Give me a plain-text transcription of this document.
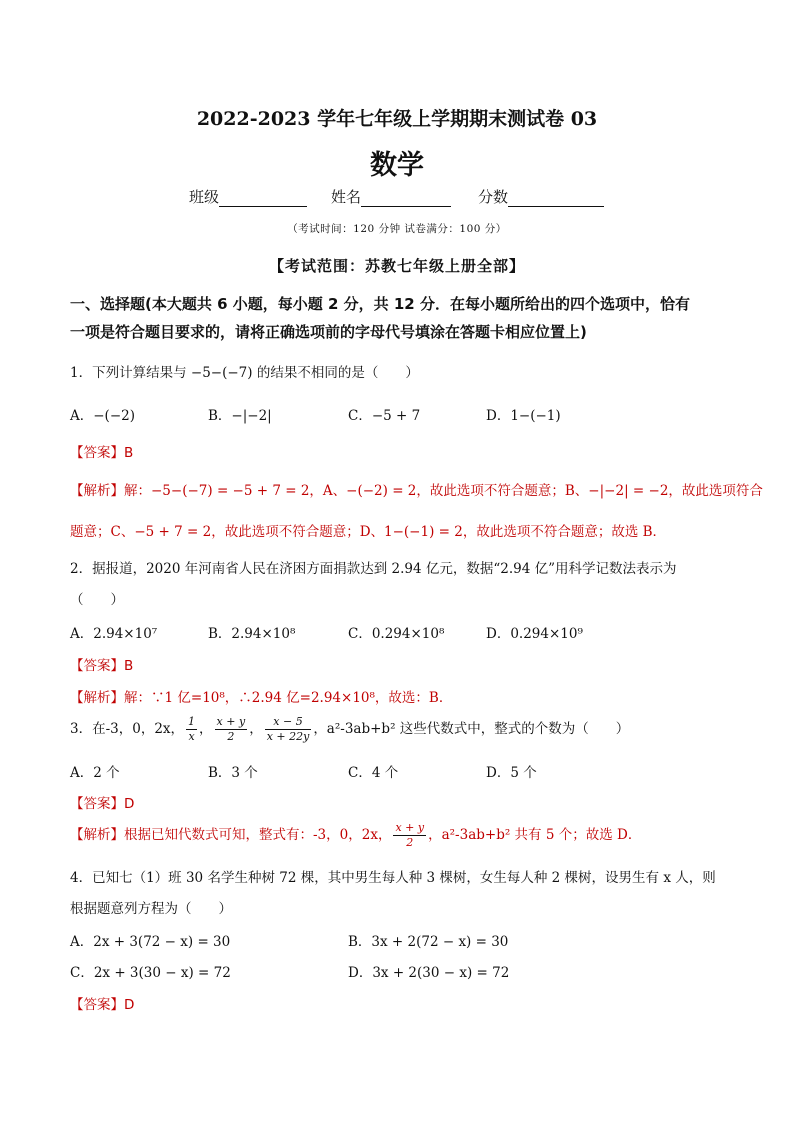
2022-2023 学年七年级上学期期末测试卷 03
数学
班级	姓名	分数
（考试时间：120 分钟 试卷满分：100 分）
【考试范围：苏教七年级上册全部】
一、选择题(本大题共 6 小题，每小题 2 分，共 12 分．在每小题所给出的四个选项中，恰有
一项是符合题目要求的，请将正确选项前的字母代号填涂在答题卡相应位置上)
1．下列计算结果与 −5−(−7) 的结果不相同的是（　　）
A．−(−2)	B．−|−2|	C．−5 + 7	D．1−(−1)
【答案】B
【解析】解：−5−(−7) = −5 + 7 = 2，A、−(−2) = 2，故此选项不符合题意；B、−|−2| = −2，故此选项符合
题意；C、−5 + 7 = 2，故此选项不符合题意；D、1−(−1) = 2，故此选项不符合题意；故选 B．
2．据报道，2020 年河南省人民在济困方面捐款达到 2.94 亿元，数据“2.94 亿”用科学记数法表示为
（　　）
A．2.94×10⁷	B．2.94×10⁸	C．0.294×10⁸	D．0.294×10⁹
【答案】B
【解析】解：∵1 亿=10⁸，∴2.94 亿=2.94×10⁸，故选：B．
3．在-3，0，2x， $\frac{1}{x}$ ， $\frac{x + y}{2}$ ， $\frac{x - 5}{x + 22y}$ ，a²-3ab+b² 这些代数式中，整式的个数为（　　）
A．2 个	B．3 个	C．4 个	D．5 个
【答案】D
【解析】根据已知代数式可知，整式有：-3，0，2x， $\frac{x + y}{2}$ ，a²-3ab+b² 共有 5 个；故选 D．
4．已知七（1）班 30 名学生种树 72 棵，其中男生每人种 3 棵树，女生每人种 2 棵树，设男生有 x 人，则
根据题意列方程为（　　）
A．2x + 3(72 − x) = 30	B．3x + 2(72 − x) = 30
C．2x + 3(30 − x) = 72	D．3x + 2(30 − x) = 72
【答案】D
